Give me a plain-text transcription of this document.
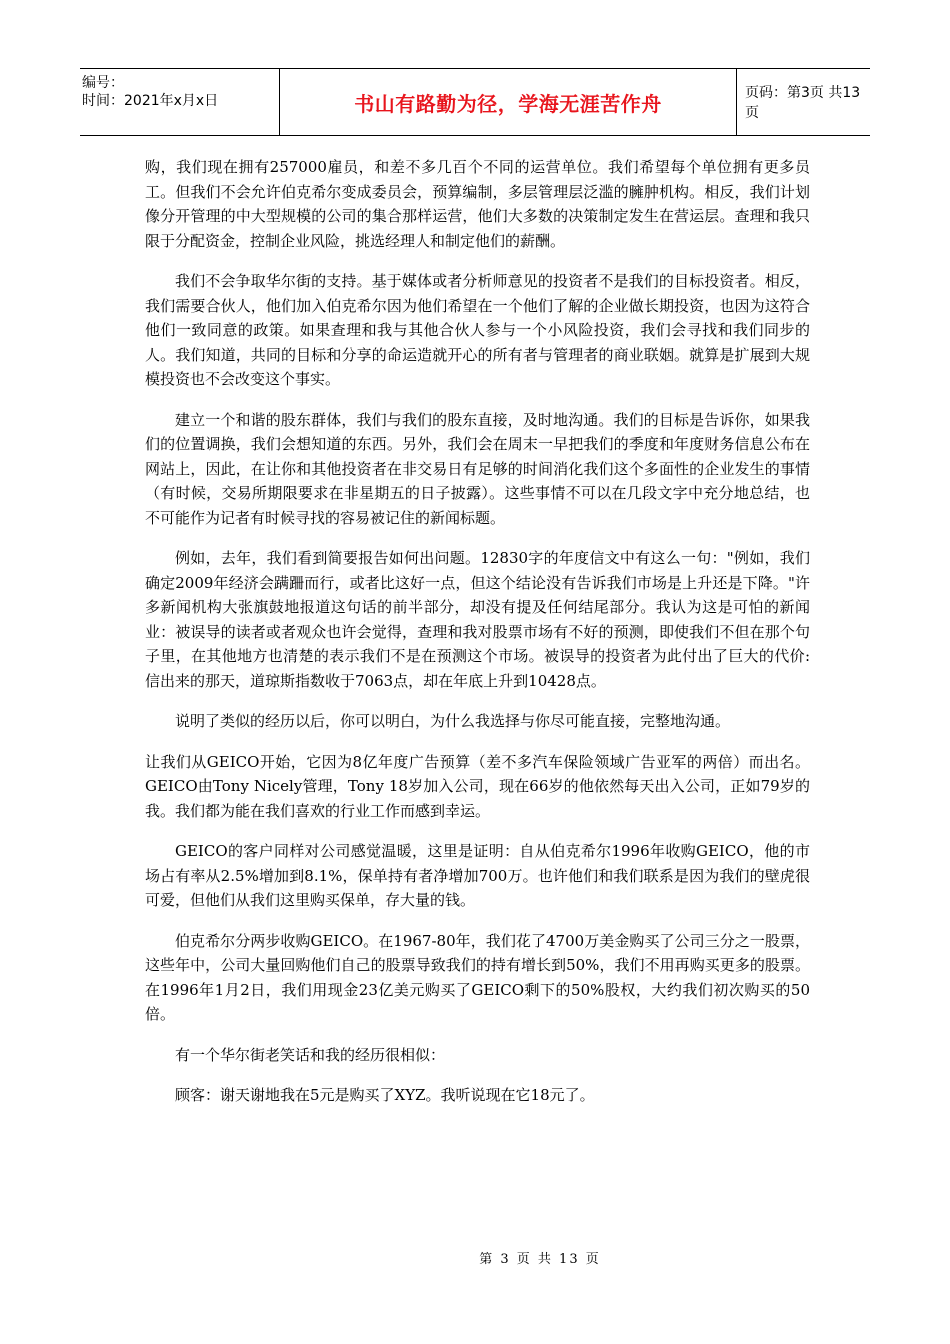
编号：
时间：2021年x月x日	书山有路勤为径，学海无涯苦作舟	页码：第3页 共13页

购，我们现在拥有257000雇员，和差不多几百个不同的运营单位。我们希望每个单位拥有更多员工。但我们不会允许伯克希尔变成委员会，预算编制，多层管理层泛滥的臃肿机构。相反，我们计划像分开管理的中大型规模的公司的集合那样运营，他们大多数的决策制定发生在营运层。查理和我只限于分配资金，控制企业风险，挑选经理人和制定他们的薪酬。

我们不会争取华尔街的支持。基于媒体或者分析师意见的投资者不是我们的目标投资者。相反，我们需要合伙人，他们加入伯克希尔因为他们希望在一个他们了解的企业做长期投资，也因为这符合他们一致同意的政策。如果查理和我与其他合伙人参与一个小风险投资，我们会寻找和我们同步的人。我们知道，共同的目标和分享的命运造就开心的所有者与管理者的商业联姻。就算是扩展到大规模投资也不会改变这个事实。

建立一个和谐的股东群体，我们与我们的股东直接，及时地沟通。我们的目标是告诉你，如果我们的位置调换，我们会想知道的东西。另外，我们会在周末一早把我们的季度和年度财务信息公布在网站上，因此，在让你和其他投资者在非交易日有足够的时间消化我们这个多面性的企业发生的事情（有时候，交易所期限要求在非星期五的日子披露）。这些事情不可以在几段文字中充分地总结，也不可能作为记者有时候寻找的容易被记住的新闻标题。

例如，去年，我们看到简要报告如何出问题。12830字的年度信文中有这么一句："例如，我们确定2009年经济会蹒跚而行，或者比这好一点，但这个结论没有告诉我们市场是上升还是下降。"许多新闻机构大张旗鼓地报道这句话的前半部分，却没有提及任何结尾部分。我认为这是可怕的新闻业：被误导的读者或者观众也许会觉得，查理和我对股票市场有不好的预测，即使我们不但在那个句子里，在其他地方也清楚的表示我们不是在预测这个市场。被误导的投资者为此付出了巨大的代价:信出来的那天，道琼斯指数收于7063点，却在年底上升到10428点。

说明了类似的经历以后，你可以明白，为什么我选择与你尽可能直接，完整地沟通。

让我们从GEICO开始，它因为8亿年度广告预算（差不多汽车保险领域广告亚军的两倍）而出名。GEICO由Tony Nicely管理，Tony 18岁加入公司，现在66岁的他依然每天出入公司，正如79岁的我。我们都为能在我们喜欢的行业工作而感到幸运。

GEICO的客户同样对公司感觉温暖，这里是证明：自从伯克希尔1996年收购GEICO，他的市场占有率从2.5%增加到8.1%，保单持有者净增加700万。也许他们和我们联系是因为我们的壁虎很可爱，但他们从我们这里购买保单，存大量的钱。

伯克希尔分两步收购GEICO。在1967-80年，我们花了4700万美金购买了公司三分之一股票，这些年中，公司大量回购他们自己的股票导致我们的持有增长到50%，我们不用再购买更多的股票。在1996年1月2日，我们用现金23亿美元购买了GEICO剩下的50%股权，大约我们初次购买的50倍。

有一个华尔街老笑话和我的经历很相似：

顾客：谢天谢地我在5元是购买了XYZ。我听说现在它18元了。

第 3 页 共 13 页
